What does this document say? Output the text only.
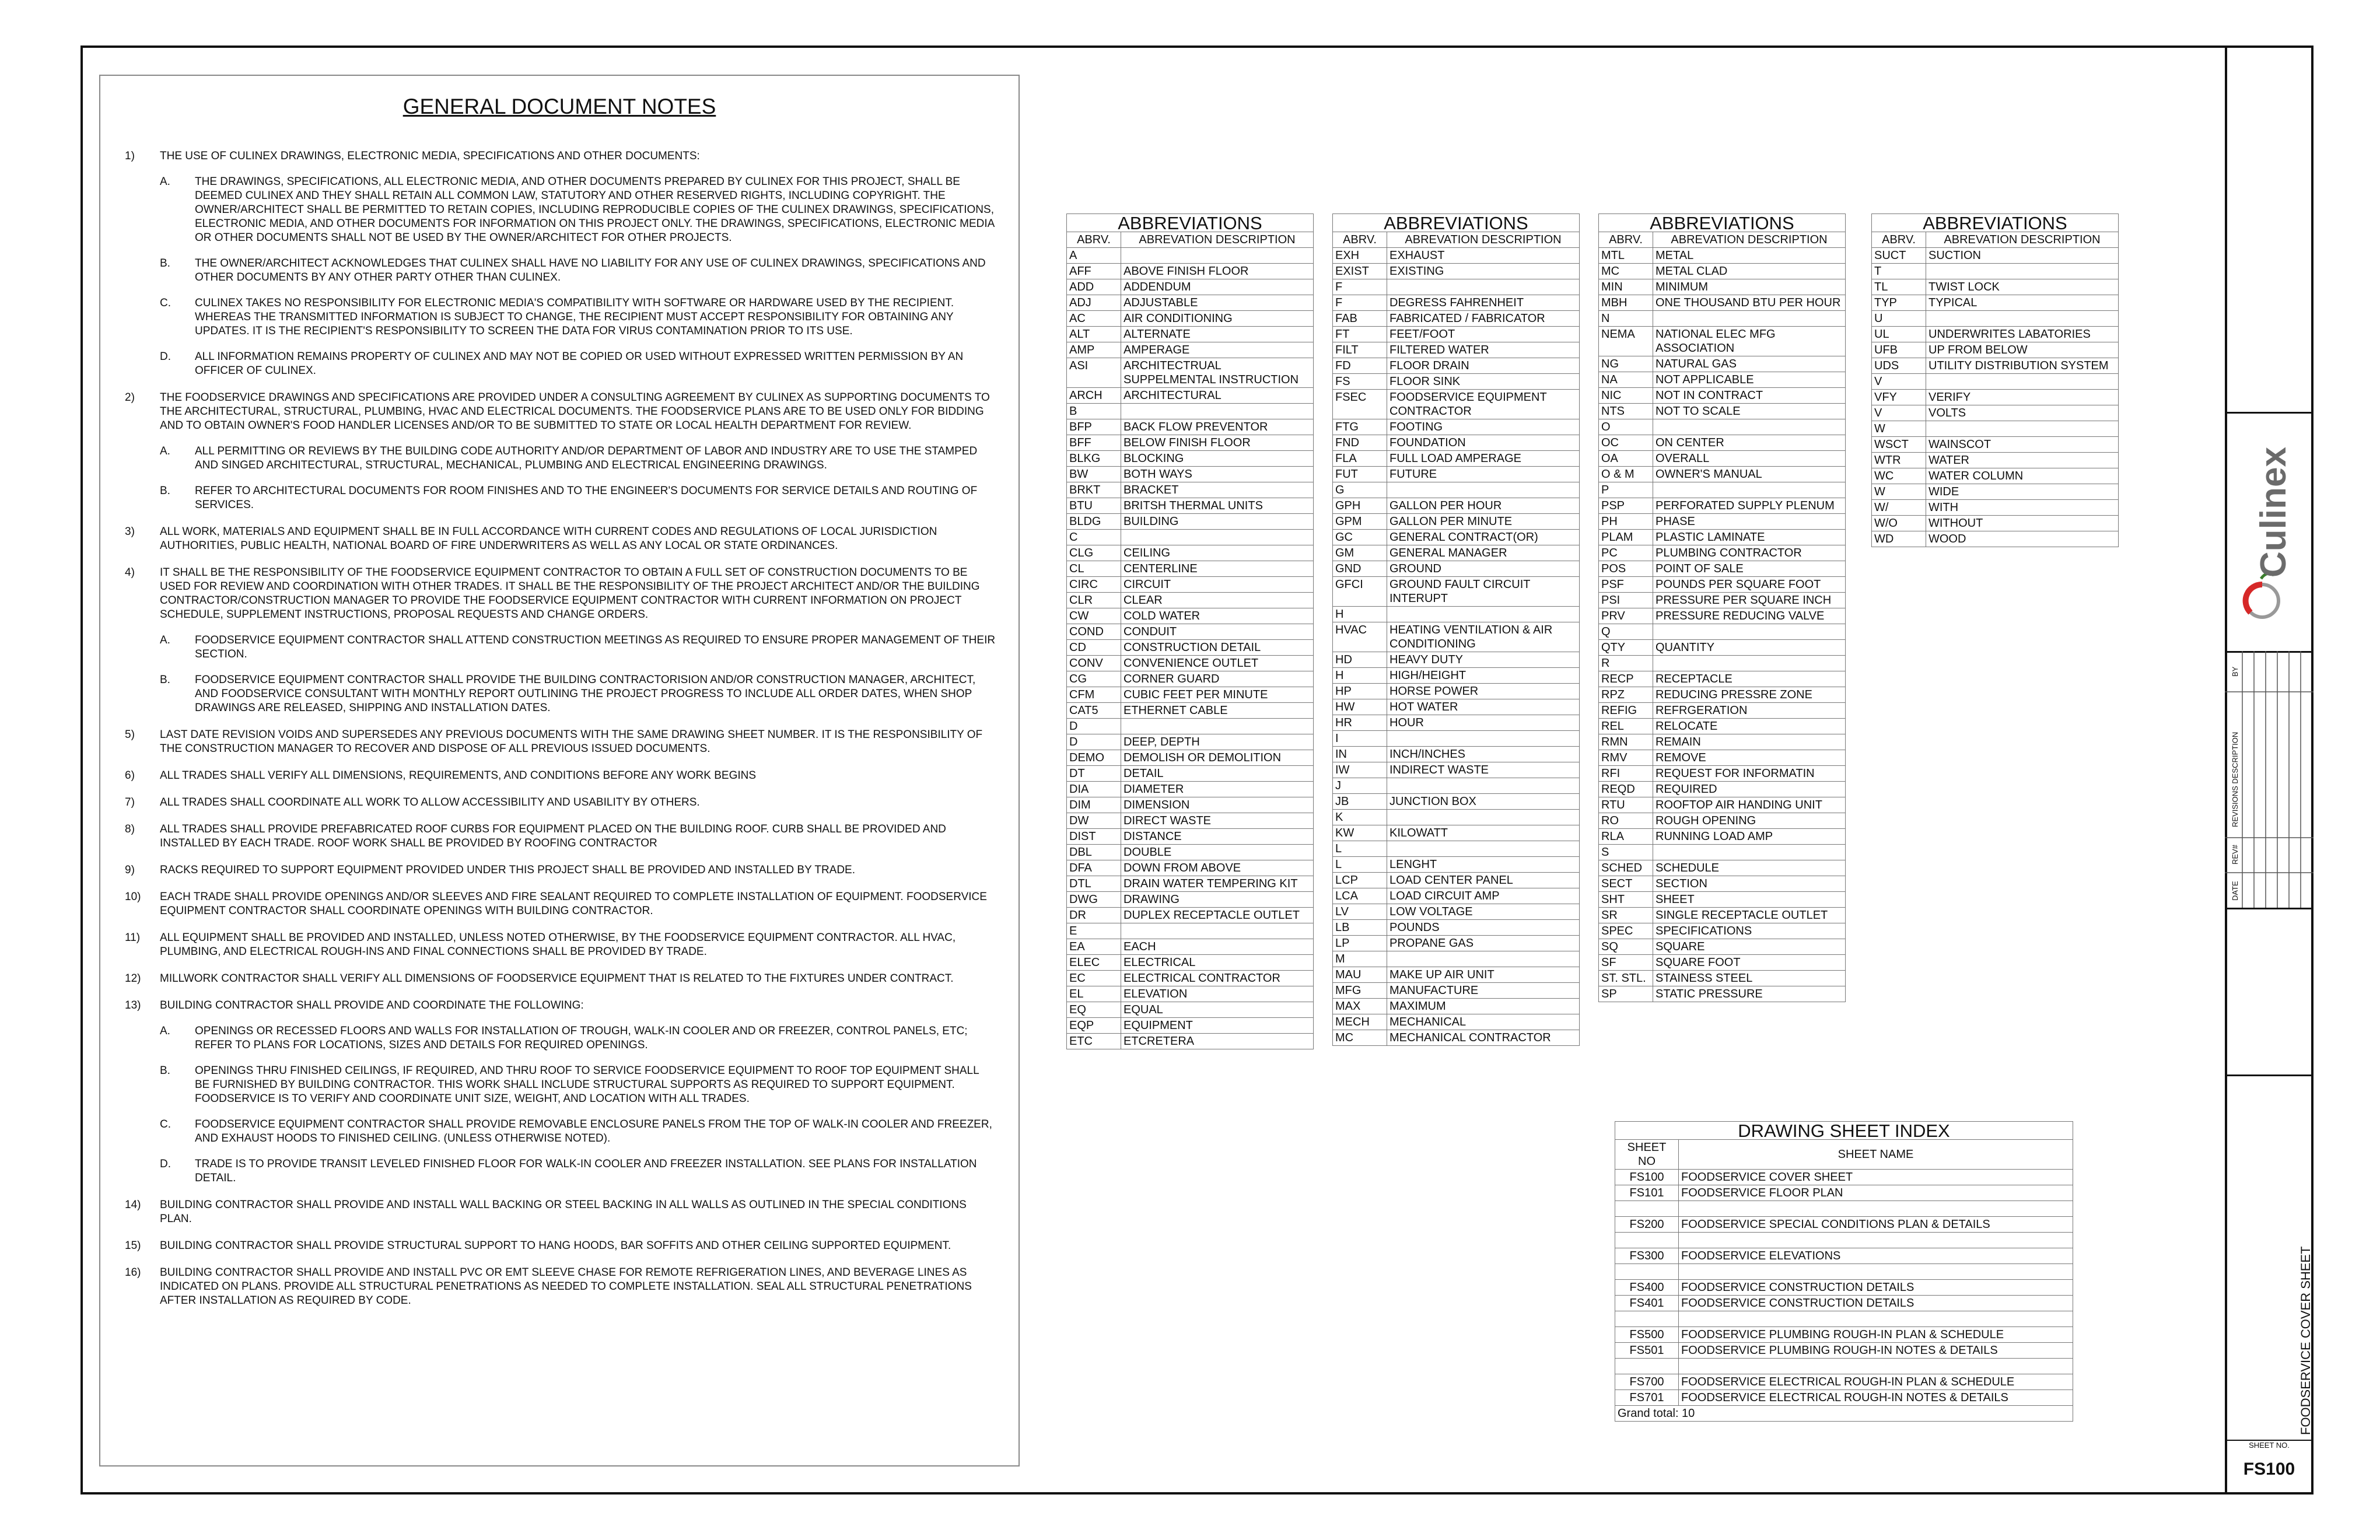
GENERAL DOCUMENT NOTES
1)	THE USE OF CULINEX DRAWINGS, ELECTRONIC MEDIA, SPECIFICATIONS AND OTHER DOCUMENTS:
A.	THE DRAWINGS, SPECIFICATIONS, ALL ELECTRONIC MEDIA, AND OTHER DOCUMENTS PREPARED BY CULINEX FOR THIS PROJECT, SHALL BE DEEMED CULINEX AND THEY SHALL RETAIN ALL COMMON LAW, STATUTORY AND OTHER RESERVED RIGHTS, INCLUDING COPYRIGHT. THE OWNER/ARCHITECT SHALL BE PERMITTED TO RETAIN COPIES, INCLUDING REPRODUCIBLE COPIES OF THE CULINEX DRAWINGS, SPECIFICATIONS, ELECTRONIC MEDIA, AND OTHER DOCUMENTS FOR INFORMATION ON THIS PROJECT ONLY. THE DRAWINGS, SPECIFICATIONS, ELECTRONIC MEDIA OR OTHER DOCUMENTS SHALL NOT BE USED BY THE OWNER/ARCHITECT FOR OTHER PROJECTS.
B.	THE OWNER/ARCHITECT ACKNOWLEDGES THAT CULINEX SHALL HAVE NO LIABILITY FOR ANY USE OF CULINEX DRAWINGS, SPECIFICATIONS AND OTHER DOCUMENTS BY ANY OTHER PARTY OTHER THAN CULINEX.
C.	CULINEX TAKES NO RESPONSIBILITY FOR ELECTRONIC MEDIA'S COMPATIBILITY WITH SOFTWARE OR HARDWARE USED BY THE RECIPIENT. WHEREAS THE TRANSMITTED INFORMATION IS SUBJECT TO CHANGE, THE RECIPIENT MUST ACCEPT RESPONSIBILITY FOR OBTAINING ANY UPDATES. IT IS THE RECIPIENT'S RESPONSIBILITY TO SCREEN THE DATA FOR VIRUS CONTAMINATION PRIOR TO ITS USE.
D.	ALL INFORMATION REMAINS PROPERTY OF CULINEX AND MAY NOT BE COPIED OR USED WITHOUT EXPRESSED WRITTEN PERMISSION BY AN OFFICER OF CULINEX.
2)	THE FOODSERVICE DRAWINGS AND SPECIFICATIONS ARE PROVIDED UNDER A CONSULTING AGREEMENT BY CULINEX AS SUPPORTING DOCUMENTS TO THE ARCHITECTURAL, STRUCTURAL, PLUMBING, HVAC AND ELECTRICAL DOCUMENTS. THE FOODSERVICE PLANS ARE TO BE USED ONLY FOR BIDDING AND TO OBTAIN OWNER'S FOOD HANDLER LICENSES AND/OR TO BE SUBMITTED TO STATE OR LOCAL HEALTH DEPARTMENT FOR REVIEW.
A.	ALL PERMITTING OR REVIEWS BY THE BUILDING CODE AUTHORITY AND/OR DEPARTMENT OF LABOR AND INDUSTRY ARE TO USE THE STAMPED AND SINGED ARCHITECTURAL, STRUCTURAL, MECHANICAL, PLUMBING AND ELECTRICAL ENGINEERING DRAWINGS.
B.	REFER TO ARCHITECTURAL DOCUMENTS FOR ROOM FINISHES AND TO THE ENGINEER'S DOCUMENTS FOR SERVICE DETAILS AND ROUTING OF SERVICES.
3)	ALL WORK, MATERIALS AND EQUIPMENT SHALL BE IN FULL ACCORDANCE WITH CURRENT CODES AND REGULATIONS OF LOCAL JURISDICTION AUTHORITIES, PUBLIC HEALTH, NATIONAL BOARD OF FIRE UNDERWRITERS AS WELL AS ANY LOCAL OR STATE ORDINANCES.
4)	IT SHALL BE THE RESPONSIBILITY OF THE FOODSERVICE EQUIPMENT CONTRACTOR TO OBTAIN A FULL SET OF CONSTRUCTION DOCUMENTS TO BE USED FOR REVIEW AND COORDINATION WITH OTHER TRADES. IT SHALL BE THE RESPONSIBILITY OF THE PROJECT ARCHITECT AND/OR THE BUILDING CONTRACTOR/CONSTRUCTION MANAGER TO PROVIDE THE FOODSERVICE EQUIPMENT CONTRACTOR WITH CURRENT INFORMATION ON PROJECT SCHEDULE, SUPPLEMENT INSTRUCTIONS, PROPOSAL REQUESTS AND CHANGE ORDERS.
A.	FOODSERVICE EQUIPMENT CONTRACTOR SHALL ATTEND CONSTRUCTION MEETINGS AS REQUIRED TO ENSURE PROPER MANAGEMENT OF THEIR SECTION.
B.	FOODSERVICE EQUIPMENT CONTRACTOR SHALL PROVIDE THE BUILDING CONTRACTORISION AND/OR CONSTRUCTION MANAGER, ARCHITECT, AND FOODSERVICE CONSULTANT WITH MONTHLY REPORT OUTLINING THE PROJECT PROGRESS TO INCLUDE ALL ORDER DATES, WHEN SHOP DRAWINGS ARE RELEASED, SHIPPING AND INSTALLATION DATES.
5)	LAST DATE REVISION VOIDS AND SUPERSEDES ANY PREVIOUS DOCUMENTS WITH THE SAME DRAWING SHEET NUMBER. IT IS THE RESPONSIBILITY OF THE CONSTRUCTION MANAGER TO RECOVER AND DISPOSE OF ALL PREVIOUS ISSUED DOCUMENTS.
6)	ALL TRADES SHALL VERIFY ALL DIMENSIONS, REQUIREMENTS, AND CONDITIONS BEFORE ANY WORK BEGINS
7)	ALL TRADES SHALL COORDINATE ALL WORK TO ALLOW ACCESSIBILITY AND USABILITY BY OTHERS.
8)	ALL TRADES SHALL PROVIDE PREFABRICATED ROOF CURBS FOR EQUIPMENT PLACED ON THE BUILDING ROOF. CURB SHALL BE PROVIDED AND INSTALLED BY EACH TRADE. ROOF WORK SHALL BE PROVIDED BY ROOFING CONTRACTOR
9)	RACKS REQUIRED TO SUPPORT EQUIPMENT PROVIDED UNDER THIS PROJECT SHALL BE PROVIDED AND INSTALLED BY TRADE.
10)	EACH TRADE SHALL PROVIDE OPENINGS AND/OR SLEEVES AND FIRE SEALANT REQUIRED TO COMPLETE INSTALLATION OF EQUIPMENT. FOODSERVICE EQUIPMENT CONTRACTOR SHALL COORDINATE OPENINGS WITH BUILDING CONTRACTOR.
11)	ALL EQUIPMENT SHALL BE PROVIDED AND INSTALLED, UNLESS NOTED OTHERWISE, BY THE FOODSERVICE EQUIPMENT CONTRACTOR. ALL HVAC, PLUMBING, AND ELECTRICAL ROUGH-INS AND FINAL CONNECTIONS SHALL BE PROVIDED BY TRADE.
12)	MILLWORK CONTRACTOR SHALL VERIFY ALL DIMENSIONS OF FOODSERVICE EQUIPMENT THAT IS RELATED TO THE FIXTURES UNDER CONTRACT.
13)	BUILDING CONTRACTOR SHALL PROVIDE AND COORDINATE THE FOLLOWING:
A.	OPENINGS OR RECESSED FLOORS AND WALLS FOR INSTALLATION OF TROUGH, WALK-IN COOLER AND OR FREEZER, CONTROL PANELS, ETC; REFER TO PLANS FOR LOCATIONS, SIZES AND DETAILS FOR REQUIRED OPENINGS.
B.	OPENINGS THRU FINISHED CEILINGS, IF REQUIRED, AND THRU ROOF TO SERVICE FOODSERVICE EQUIPMENT TO ROOF TOP EQUIPMENT SHALL BE FURNISHED BY BUILDING CONTRACTOR. THIS WORK SHALL INCLUDE STRUCTURAL SUPPORTS AS REQUIRED TO SUPPORT EQUIPMENT. FOODSERVICE IS TO VERIFY AND COORDINATE UNIT SIZE, WEIGHT, AND LOCATION WITH ALL TRADES.
C.	FOODSERVICE EQUIPMENT CONTRACTOR SHALL PROVIDE REMOVABLE ENCLOSURE PANELS FROM THE TOP OF WALK-IN COOLER AND FREEZER, AND EXHAUST HOODS TO FINISHED CEILING. (UNLESS OTHERWISE NOTED).
D.	TRADE IS TO PROVIDE TRANSIT LEVELED FINISHED FLOOR FOR WALK-IN COOLER AND FREEZER INSTALLATION. SEE PLANS FOR INSTALLATION DETAIL.
14)	BUILDING CONTRACTOR SHALL PROVIDE AND INSTALL WALL BACKING OR STEEL BACKING IN ALL WALLS AS OUTLINED IN THE SPECIAL CONDITIONS PLAN.
15)	BUILDING CONTRACTOR SHALL PROVIDE STRUCTURAL SUPPORT TO HANG HOODS, BAR SOFFITS AND OTHER CEILING SUPPORTED EQUIPMENT.
16)	BUILDING CONTRACTOR SHALL PROVIDE AND INSTALL PVC OR EMT SLEEVE CHASE FOR REMOTE REFRIGERATION LINES, AND BEVERAGE LINES AS INDICATED ON PLANS. PROVIDE ALL STRUCTURAL PENETRATIONS AS NEEDED TO COMPLETE INSTALLATION. SEAL ALL STRUCTURAL PENETRATIONS AFTER INSTALLATION AS REQUIRED BY CODE.
ABBREVIATIONS	
ABRV.	ABREVATION DESCRIPTION
A	
AFF	ABOVE FINISH FLOOR
ADD	ADDENDUM
ADJ	ADJUSTABLE
AC	AIR CONDITIONING
ALT	ALTERNATE
AMP	AMPERAGE
ASI	ARCHITECTRUAL SUPPELMENTAL INSTRUCTION
ARCH	ARCHITECTURAL
B	
BFP	BACK FLOW PREVENTOR
BFF	BELOW FINISH FLOOR
BLKG	BLOCKING
BW	BOTH WAYS
BRKT	BRACKET
BTU	BRITSH THERMAL UNITS
BLDG	BUILDING
C	
CLG	CEILING
CL	CENTERLINE
CIRC	CIRCUIT
CLR	CLEAR
CW	COLD WATER
COND	CONDUIT
CD	CONSTRUCTION DETAIL
CONV	CONVENIENCE OUTLET
CG	CORNER GUARD
CFM	CUBIC FEET PER MINUTE
CAT5	ETHERNET CABLE
D	
D	DEEP, DEPTH
DEMO	DEMOLISH OR DEMOLITION
DT	DETAIL
DIA	DIAMETER
DIM	DIMENSION
DW	DIRECT WASTE
DIST	DISTANCE
DBL	DOUBLE
DFA	DOWN FROM ABOVE
DTL	DRAIN WATER TEMPERING KIT
DWG	DRAWING
DR	DUPLEX RECEPTACLE OUTLET
E	
EA	EACH
ELEC	ELECTRICAL
EC	ELECTRICAL CONTRACTOR
EL	ELEVATION
EQ	EQUAL
EQP	EQUIPMENT
ETC	ETCRETERA
ABBREVIATIONS	
ABRV.	ABREVATION DESCRIPTION
EXH	EXHAUST
EXIST	EXISTING
F	
F	DEGRESS FAHRENHEIT
FAB	FABRICATED / FABRICATOR
FT	FEET/FOOT
FILT	FILTERED WATER
FD	FLOOR DRAIN
FS	FLOOR SINK
FSEC	FOODSERVICE EQUIPMENT CONTRACTOR
FTG	FOOTING
FND	FOUNDATION
FLA	FULL LOAD AMPERAGE
FUT	FUTURE
G	
GPH	GALLON PER HOUR
GPM	GALLON PER MINUTE
GC	GENERAL CONTRACT(OR)
GM	GENERAL MANAGER
GND	GROUND
GFCI	GROUND FAULT CIRCUIT INTERUPT
H	
HVAC	HEATING VENTILATION & AIR CONDITIONING
HD	HEAVY DUTY
H	HIGH/HEIGHT
HP	HORSE POWER
HW	HOT WATER
HR	HOUR
I	
IN	INCH/INCHES
IW	INDIRECT WASTE
J	
JB	JUNCTION BOX
K	
KW	KILOWATT
L	
L	LENGHT
LCP	LOAD CENTER PANEL
LCA	LOAD CIRCUIT AMP
LV	LOW VOLTAGE
LB	POUNDS
LP	PROPANE GAS
M	
MAU	MAKE UP AIR UNIT
MFG	MANUFACTURE
MAX	MAXIMUM
MECH	MECHANICAL
MC	MECHANICAL CONTRACTOR
ABBREVIATIONS	
ABRV.	ABREVATION DESCRIPTION
MTL	METAL
MC	METAL CLAD
MIN	MINIMUM
MBH	ONE THOUSAND BTU PER HOUR
N	
NEMA	NATIONAL ELEC MFG ASSOCIATION
NG	NATURAL GAS
NA	NOT APPLICABLE
NIC	NOT IN CONTRACT
NTS	NOT TO SCALE
O	
OC	ON CENTER
OA	OVERALL
O & M	OWNER'S MANUAL
P	
PSP	PERFORATED SUPPLY PLENUM
PH	PHASE
PLAM	PLASTIC LAMINATE
PC	PLUMBING CONTRACTOR
POS	POINT OF SALE
PSF	POUNDS PER SQUARE FOOT
PSI	PRESSURE PER SQUARE INCH
PRV	PRESSURE REDUCING VALVE
Q	
QTY	QUANTITY
R	
RECP	RECEPTACLE
RPZ	REDUCING PRESSRE ZONE
REFIG	REFRGERATION
REL	RELOCATE
RMN	REMAIN
RMV	REMOVE
RFI	REQUEST FOR INFORMATIN
REQD	REQUIRED
RTU	ROOFTOP AIR HANDING UNIT
RO	ROUGH OPENING
RLA	RUNNING LOAD AMP
S	
SCHED	SCHEDULE
SECT	SECTION
SHT	SHEET
SR	SINGLE RECEPTACLE OUTLET
SPEC	SPECIFICATIONS
SQ	SQUARE
SF	SQUARE FOOT
ST. STL.	STAINESS STEEL
SP	STATIC PRESSURE
ABBREVIATIONS	
ABRV.	ABREVATION DESCRIPTION
SUCT	SUCTION
T	
TL	TWIST LOCK
TYP	TYPICAL
U	
UL	UNDERWRITES LABATORIES
UFB	UP FROM BELOW
UDS	UTILITY DISTRIBUTION SYSTEM
V	
VFY	VERIFY
V	VOLTS
W	
WSCT	WAINSCOT
WTR	WATER
WC	WATER COLUMN
W	WIDE
W/	WITH
W/O	WITHOUT
WD	WOOD
DRAWING SHEET INDEX	
SHEET NO	SHEET NAME
FS100	FOODSERVICE COVER SHEET
FS101	FOODSERVICE FLOOR PLAN

FS200	FOODSERVICE SPECIAL CONDITIONS PLAN & DETAILS

FS300	FOODSERVICE ELEVATIONS

FS400	FOODSERVICE CONSTRUCTION DETAILS
FS401	FOODSERVICE CONSTRUCTION DETAILS

FS500	FOODSERVICE PLUMBING ROUGH-IN PLAN & SCHEDULE
FS501	FOODSERVICE PLUMBING ROUGH-IN NOTES & DETAILS

FS700	FOODSERVICE ELECTRICAL ROUGH-IN PLAN & SCHEDULE
FS701	FOODSERVICE ELECTRICAL ROUGH-IN NOTES & DETAILS
Grand total: 10	
BY
REVISIONS DESCRIPTION
REV#
DATE
Culinex
FOODSERVICE COVER SHEET
SHEET NO.
FS100
